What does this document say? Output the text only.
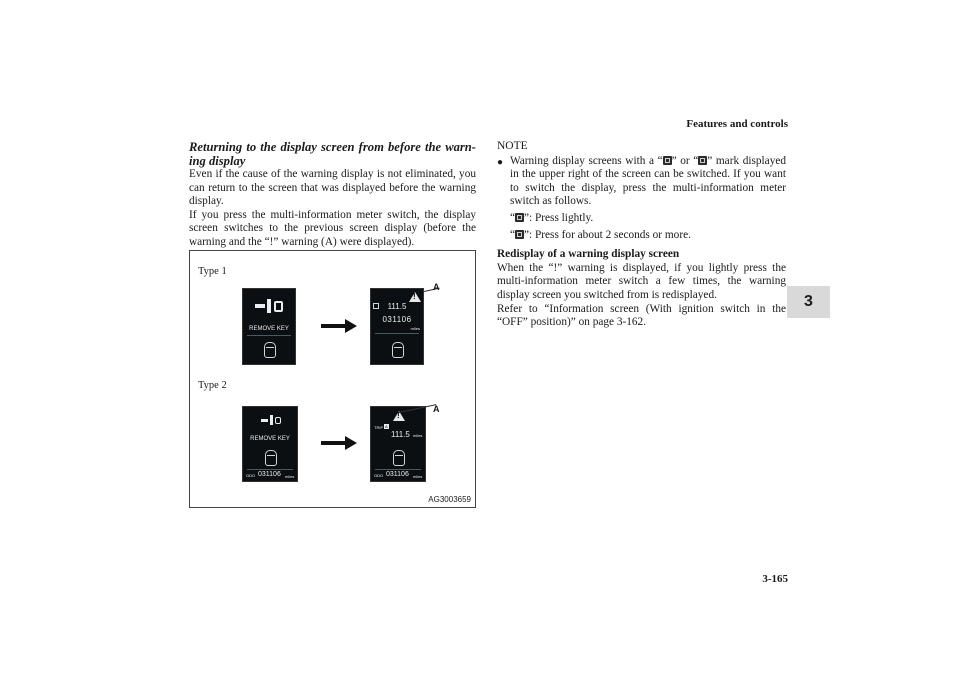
Features and controls
3
3-165

Returning to the display screen from before the warn-ing display

Even if the cause of the warning display is not eliminated, you can return to the screen that was displayed before the warning display.

If you press the multi-information meter switch, the display screen switches to the previous screen display (before the warning and the “!” warning (A) were displayed).

Type 1
Type 2
REMOVE KEY
!
111.5
031106
miles
A
REMOVE KEY
ODO 031106 miles
!
TRIP A
111.5 miles
ODO 031106 miles
A
AG3003659

NOTE

● Warning display screens with a “ ” or “ ” mark displayed in the upper right of the screen can be switched. If you want to switch the display, press the multi-information meter switch as follows.

“ ”: Press lightly.

“ ”: Press for about 2 seconds or more.

Redisplay of a warning display screen

When the “!” warning is displayed, if you lightly press the multi-information meter switch a few times, the warning display screen you switched from is redisplayed.

Refer to “Information screen (With ignition switch in the “OFF” position)” on page 3-162.
